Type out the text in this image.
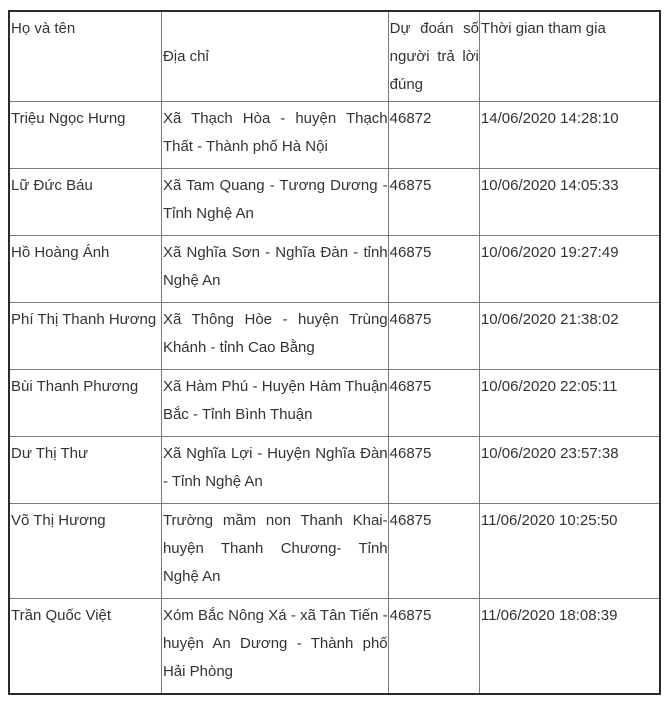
Họ và tên	Địa chỉ	Dự đoán số người trả lời đúng	Thời gian tham gia
Triệu Ngọc Hưng	Xã Thạch Hòa - huyện Thạch Thất - Thành phố Hà Nội	46872	14/06/2020 14:28:10
Lữ Đức Báu	Xã Tam Quang - Tương Dương - Tỉnh Nghệ An	46875	10/06/2020 14:05:33
Hồ Hoàng Ánh	Xã Nghĩa Sơn - Nghĩa Đàn - tỉnh Nghệ An	46875	10/06/2020 19:27:49
Phí Thị Thanh Hương	Xã Thông Hòe - huyện Trùng Khánh - tỉnh Cao Bằng	46875	10/06/2020 21:38:02
Bùi Thanh Phương	Xã Hàm Phú - Huyện Hàm Thuận Bắc - Tỉnh Bình Thuận	46875	10/06/2020 22:05:11
Dư Thị Thư	Xã Nghĩa Lợi - Huyện Nghĩa Đàn - Tỉnh Nghệ An	46875	10/06/2020 23:57:38
Võ Thị Hương	Trường mầm non Thanh Khai- huyện Thanh Chương- Tỉnh Nghệ An	46875	11/06/2020 10:25:50
Trần Quốc Việt	Xóm Bắc Nông Xá - xã Tân Tiến - huyện An Dương - Thành phố Hải Phòng	46875	11/06/2020 18:08:39
